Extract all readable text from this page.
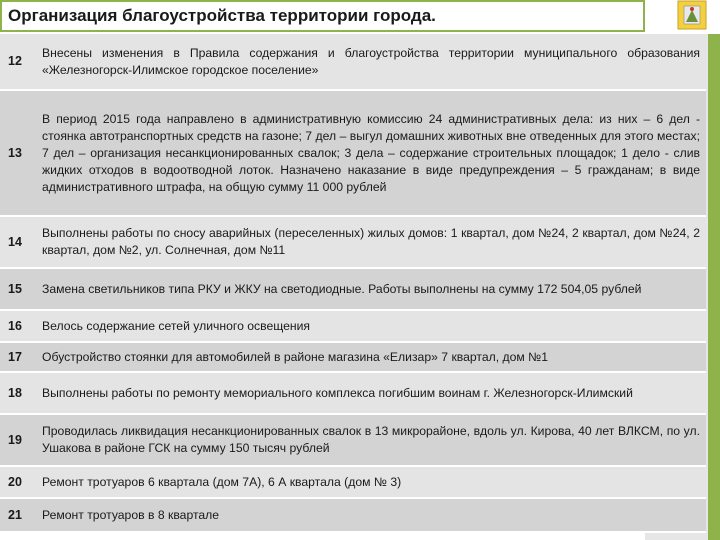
Организация благоустройства территории города.
12	Внесены изменения в Правила содержания и благоустройства территории муниципального образования «Железногорск-Илимское городское поселение»
13	В период 2015 года направлено в административную комиссию 24 административных дела: из них – 6 дел - стоянка автотранспортных средств на газоне; 7 дел – выгул домашних животных вне отведенных для этого местах; 7 дел – организация несанкционированных свалок; 3 дела – содержание строительных площадок; 1 дело - слив жидких отходов в водоотводной лоток. Назначено наказание в виде предупреждения – 5 гражданам; в виде административного штрафа, на общую сумму 11 000 рублей
14	Выполнены работы по сносу аварийных (переселенных) жилых домов: 1 квартал, дом №24, 2 квартал, дом №24, 2 квартал, дом №2, ул. Солнечная, дом №11
15	Замена светильников типа РКУ и ЖКУ на светодиодные. Работы выполнены на сумму 172 504,05 рублей
16	Велось содержание сетей уличного освещения
17	Обустройство стоянки для автомобилей в районе магазина «Елизар» 7 квартал, дом №1
18	Выполнены работы по ремонту мемориального комплекса погибшим воинам г. Железногорск-Илимский
19	Проводилась ликвидация несанкционированных свалок в 13 микрорайоне, вдоль ул. Кирова, 40 лет ВЛКСМ, по ул. Ушакова в районе ГСК на сумму 150 тысяч рублей
20	Ремонт тротуаров 6 квартала (дом 7А), 6 А квартала (дом № 3)
21	Ремонт тротуаров в 8 квартале
